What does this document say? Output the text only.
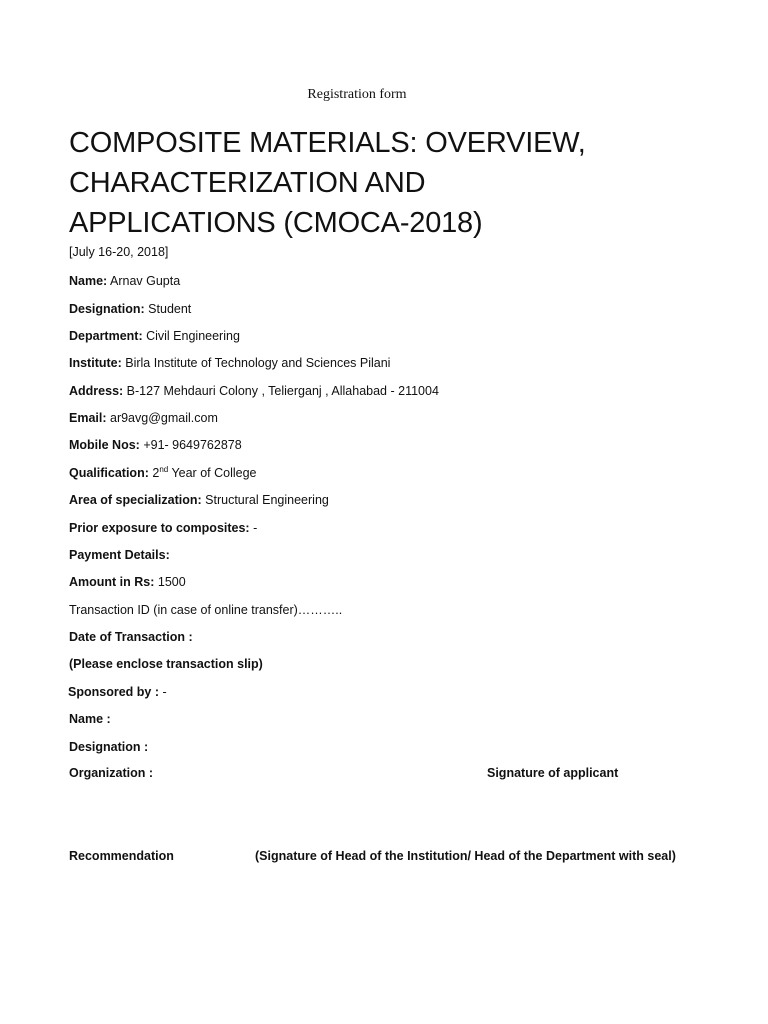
Registration form
COMPOSITE MATERIALS: OVERVIEW,
CHARACTERIZATION AND
APPLICATIONS (CMOCA-2018)
[July 16-20, 2018]
Name: Arnav Gupta
Designation: Student
Department: Civil Engineering
Institute: Birla Institute of Technology and Sciences Pilani
Address: B-127 Mehdauri Colony , Telierganj , Allahabad - 211004
Email: ar9avg@gmail.com
Mobile Nos: +91- 9649762878
Qualification: 2nd Year of College
Area of specialization: Structural Engineering
Prior exposure to composites: -
Payment Details:
Amount in Rs: 1500
Transaction ID (in case of online transfer)………..
Date of Transaction :
(Please enclose transaction slip)
Sponsored by : -
Name :
Designation :
Organization :	Signature of applicant
Recommendation	(Signature of Head of the Institution/ Head of the Department with seal)
